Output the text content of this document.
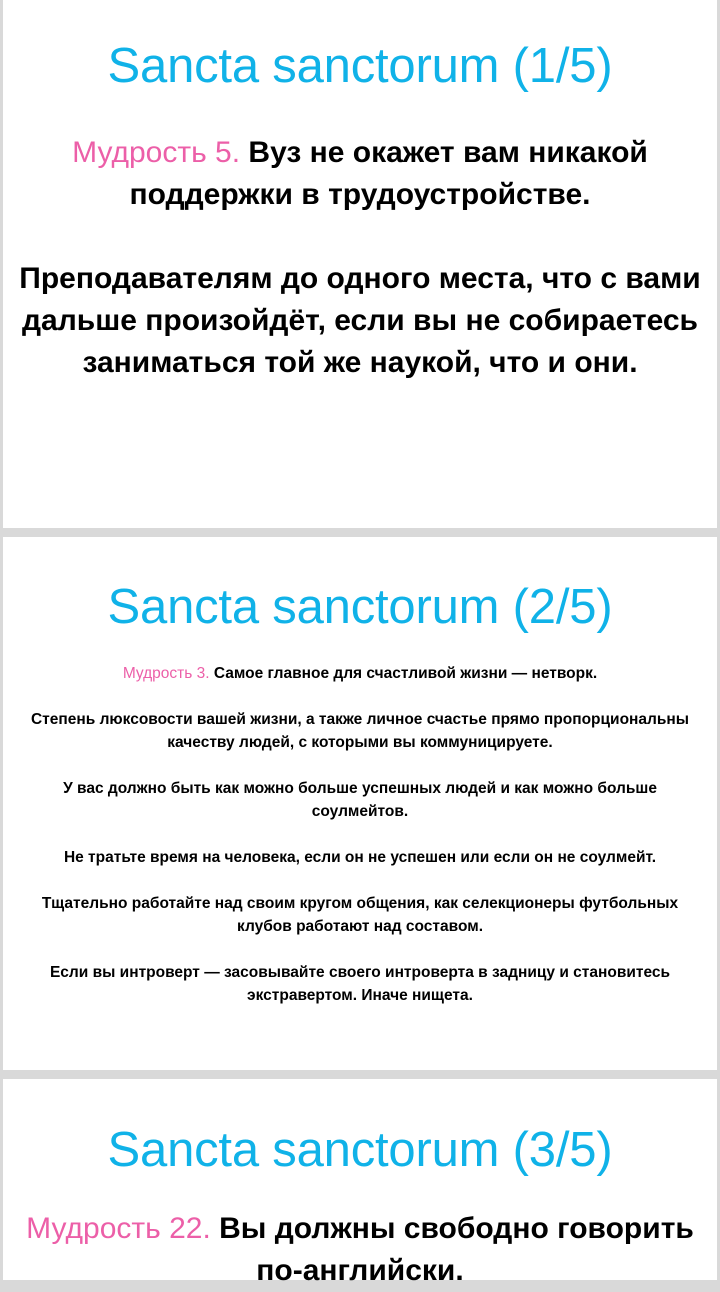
Sancta sanctorum (1/5)

Мудрость 5. Вуз не окажет вам никакой поддержки в трудоустройстве.

Преподавателям до одного места, что с вами дальше произойдёт, если вы не собираетесь заниматься той же наукой, что и они.

Sancta sanctorum (2/5)

Мудрость 3. Самое главное для счастливой жизни — нетворк.

Степень люксовости вашей жизни, а также личное счастье прямо пропорциональны качеству людей, с которыми вы коммуницируете.

У вас должно быть как можно больше успешных людей и как можно больше соулмейтов.

Не тратьте время на человека, если он не успешен или если он не соулмейт.

Тщательно работайте над своим кругом общения, как селекционеры футбольных клубов работают над составом.

Если вы интроверт — засовывайте своего интроверта в задницу и становитесь экстравертом. Иначе нищета.

Sancta sanctorum (3/5)

Мудрость 22. Вы должны свободно говорить по-английски.
